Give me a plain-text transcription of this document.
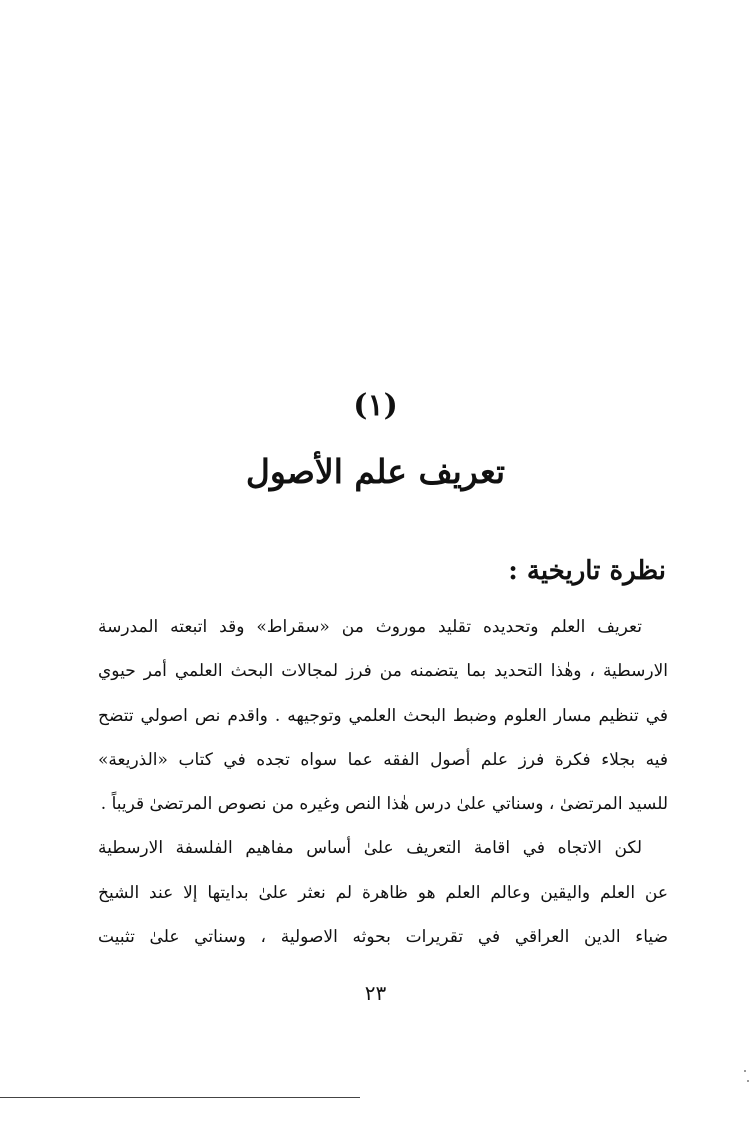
(١)
تعريف علم الأصول
نظرة تاريخية :
تعريف العلم وتحديده تقليد موروث من «سقراط» وقد اتبعته المدرسة
الارسطية ، وهٰذا التحديد بما يتضمنه من فرز لمجالات البحث العلمي أمر حيوي
في تنظيم مسار العلوم وضبط البحث العلمي وتوجيهه . واقدم نص اصولي تتضح
فيه بجلاء فكرة فرز علم أصول الفقه عما سواه تجده في كتاب «الذريعة»
للسيد المرتضىٰ ، وسناتي علىٰ درس هٰذا النص وغيره من نصوص المرتضىٰ قريباً .
لكن الاتجاه في اقامة التعريف علىٰ أساس مفاهيم الفلسفة الارسطية
عن العلم واليقين وعالم العلم هو ظاهرة لم نعثر علىٰ بدايتها إلا عند الشيخ
ضياء الدين العراقي في تقريرات بحوثه الاصولية ، وسناتي علىٰ تثبيت
٢٣
